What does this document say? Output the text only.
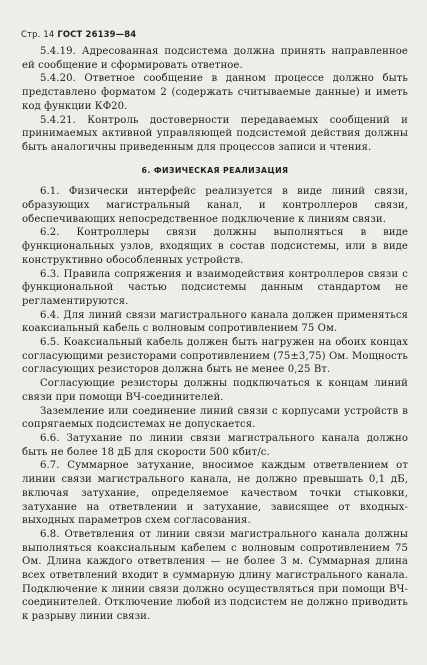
Стр. 14 ГОСТ 26139—84

5.4.19. Адресованная подсистема должна принять направленное ей сообщение и сформировать ответное.

5.4.20. Ответное сообщение в данном процессе должно быть представлено форматом 2 (содержать считываемые данные) и иметь код функции КФ20.

5.4.21. Контроль достоверности передаваемых сообщений и принимаемых активной управляющей подсистемой действия должны быть аналогичны приведенным для процессов записи и чтения.

6. ФИЗИЧЕСКАЯ РЕАЛИЗАЦИЯ

6.1. Физически интерфейс реализуется в виде линий связи, образующих магистральный канал, и контроллеров связи, обеспечивающих непосредственное подключение к линиям связи.

6.2. Контроллеры связи должны выполняться в виде функциональных узлов, входящих в состав подсистемы, или в виде конструктивно обособленных устройств.

6.3. Правила сопряжения и взаимодействия контроллеров связи с функциональной частью подсистемы данным стандартом не регламентируются.

6.4. Для линий связи магистрального канала должен применяться коаксиальный кабель с волновым сопротивлением 75 Ом.

6.5. Коаксиальный кабель должен быть нагружен на обоих концах согласующими резисторами сопротивлением (75±3,75) Ом. Мощность согласующих резисторов должна быть не менее 0,25 Вт.

Согласующие резисторы должны подключаться к концам линий связи при помощи ВЧ-соединителей.

Заземление или соединение линий связи с корпусами устройств в сопрягаемых подсистемах не допускается.

6.6. Затухание по линии связи магистрального канала должно быть не более 18 дБ для скорости 500 кбит/с.

6.7. Суммарное затухание, вносимое каждым ответвлением от линии связи магистрального канала, не должно превышать 0,1 дБ, включая затухание, определяемое качеством точки стыковки, затухание на ответвлении и затухание, зависящее от входных-выходных параметров схем согласования.

6.8. Ответвления от линии связи магистрального канала должны выполняться коаксиальным кабелем с волновым сопротивлением 75 Ом. Длина каждого ответвления — не более 3 м. Суммарная длина всех ответвлений входит в суммарную длину магистрального канала. Подключение к линии связи должно осуществляться при помощи ВЧ-соединителей. Отключение любой из подсистем не должно приводить к разрыву линии связи.
